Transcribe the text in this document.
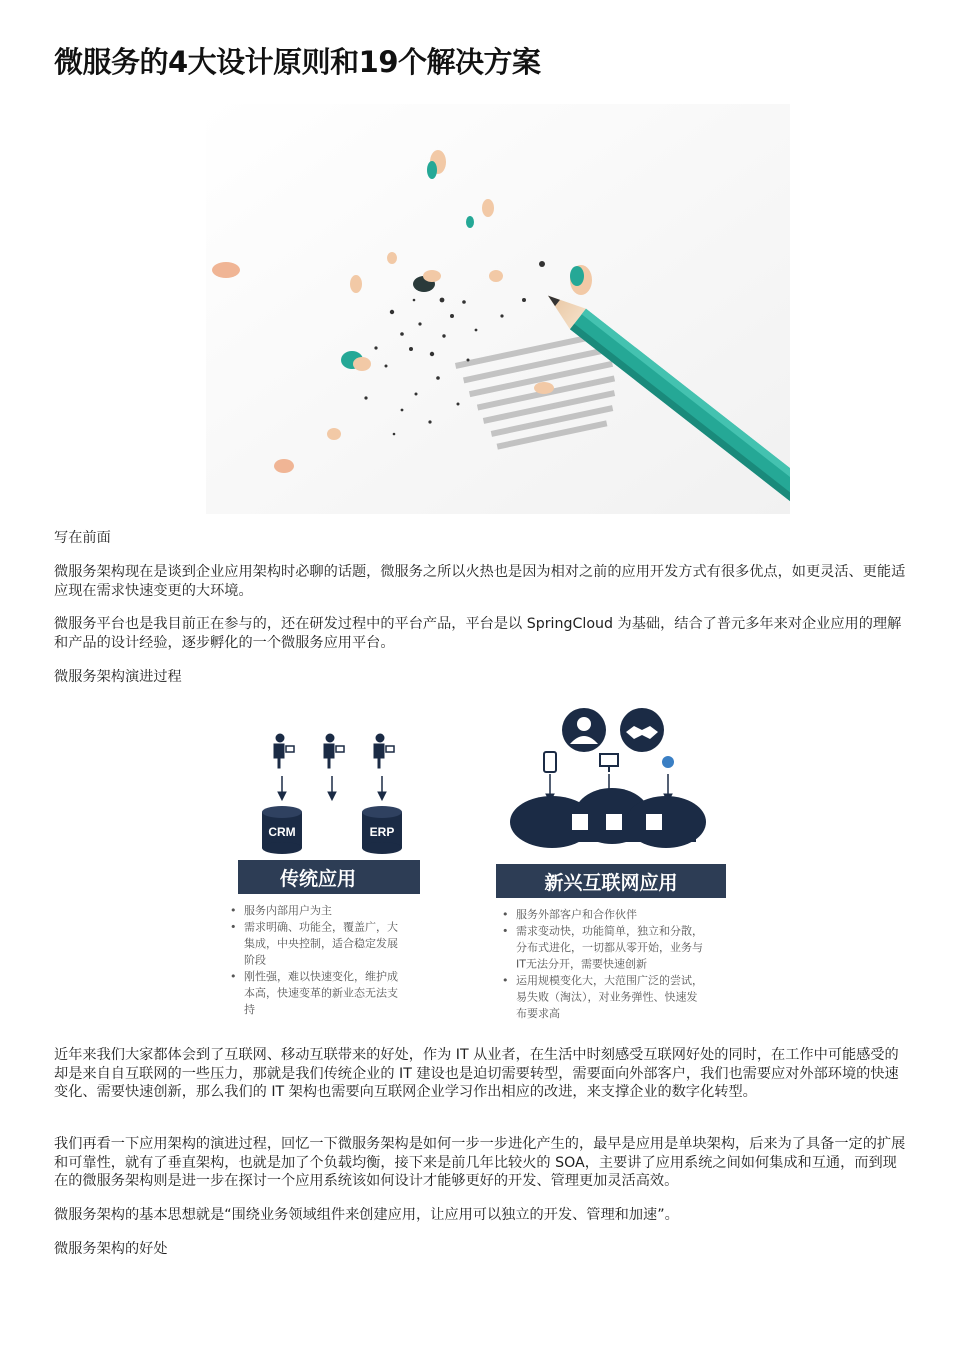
微服务的4大设计原则和19个解决方案

写在前面

微服务架构现在是谈到企业应用架构时必聊的话题，微服务之所以火热也是因为相对之前的应用开发方式有很多优点，如更灵活、更能适应现在需求快速变更的大环境。

微服务平台也是我目前正在参与的，还在研发过程中的平台产品，平台是以 SpringCloud 为基础，结合了普元多年来对企业应用的理解和产品的设计经验，逐步孵化的一个微服务应用平台。

微服务架构演进过程

CRM	ERP
传统应用
• 服务内部用户为主
• 需求明确、功能全，覆盖广，大
集成，中央控制，适合稳定发展
阶段
• 刚性强，难以快速变化，维护成
本高，快速变革的新业态无法支
持
新兴互联网应用
• 服务外部客户和合作伙伴
• 需求变动快，功能简单，独立和分散，
分布式进化，一切都从零开始，业务与
IT无法分开，需要快速创新
• 运用规模变化大，大范围广泛的尝试，
易失败（淘汰），对业务弹性、快速发
布要求高

近年来我们大家都体会到了互联网、移动互联带来的好处，作为 IT 从业者，在生活中时刻感受互联网好处的同时，在工作中可能感受的却是来自自互联网的一些压力，那就是我们传统企业的 IT 建设也是迫切需要转型，需要面向外部客户，我们也需要应对外部环境的快速变化、需要快速创新，那么我们的 IT 架构也需要向互联网企业学习作出相应的改进，来支撑企业的数字化转型。

我们再看一下应用架构的演进过程，回忆一下微服务架构是如何一步一步进化产生的，最早是应用是单块架构，后来为了具备一定的扩展和可靠性，就有了垂直架构，也就是加了个负载均衡，接下来是前几年比较火的 SOA，主要讲了应用系统之间如何集成和互通，而到现在的微服务架构则是进一步在探讨一个应用系统该如何设计才能够更好的开发、管理更加灵活高效。

微服务架构的基本思想就是“围绕业务领域组件来创建应用，让应用可以独立的开发、管理和加速”。

微服务架构的好处
